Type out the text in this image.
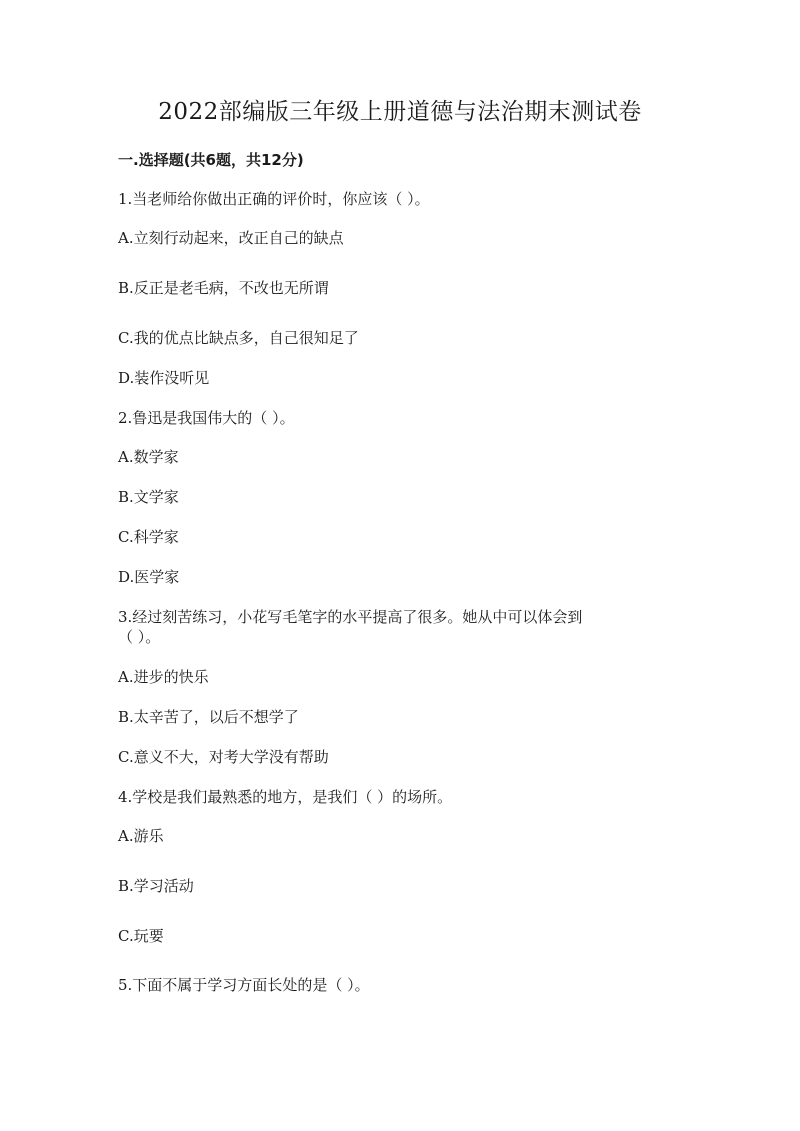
2022部编版三年级上册道德与法治期末测试卷
一.选择题(共6题，共12分)
1.当老师给你做出正确的评价时，你应该（ ）。
A.立刻行动起来，改正自己的缺点
B.反正是老毛病，不改也无所谓
C.我的优点比缺点多，自己很知足了
D.装作没听见
2.鲁迅是我国伟大的（ ）。
A.数学家
B.文学家
C.科学家
D.医学家
3.经过刻苦练习，小花写毛笔字的水平提高了很多。她从中可以体会到
（ ）。
A.进步的快乐
B.太辛苦了，以后不想学了
C.意义不大，对考大学没有帮助
4.学校是我们最熟悉的地方，是我们（ ）的场所。
A.游乐
B.学习活动
C.玩要
5.下面不属于学习方面长处的是（ ）。
